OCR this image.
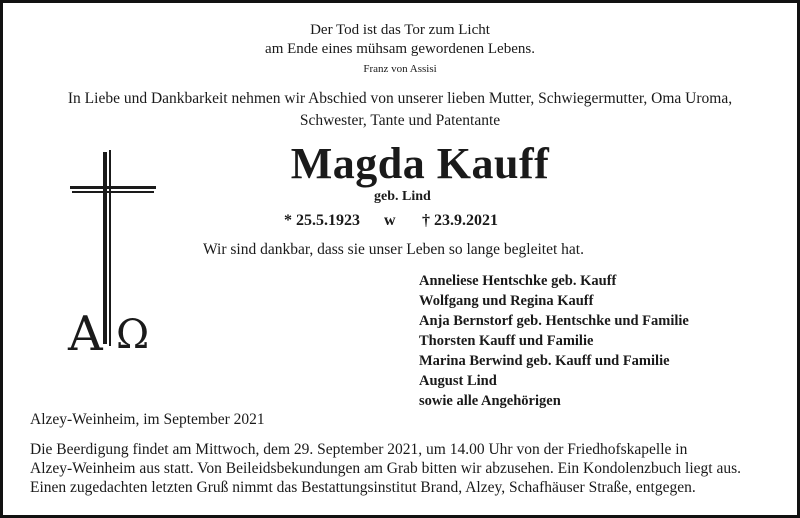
Der Tod ist das Tor zum Licht
am Ende eines mühsam gewordenen Lebens.
Franz von Assisi
In Liebe und Dankbarkeit nehmen wir Abschied von unserer lieben Mutter, Schwiegermutter, Oma Uroma,
Schwester, Tante und Patentante
Magda Kauff
geb. Lind
* 25.5.1923 w † 23.9.2021
Wir sind dankbar, dass sie unser Leben so lange begleitet hat.
Anneliese Hentschke geb. Kauff
Wolfgang und Regina Kauff
Anja Bernstorf geb. Hentschke und Familie
Thorsten Kauff und Familie
Marina Berwind geb. Kauff und Familie
August Lind
sowie alle Angehörigen
A Ω
Alzey-Weinheim, im September 2021
Die Beerdigung findet am Mittwoch, dem 29. September 2021, um 14.00 Uhr von der Friedhofskapelle in
Alzey-Weinheim aus statt. Von Beileidsbekundungen am Grab bitten wir abzusehen. Ein Kondolenzbuch liegt aus.
Einen zugedachten letzten Gruß nimmt das Bestattungsinstitut Brand, Alzey, Schafhäuser Straße, entgegen.
